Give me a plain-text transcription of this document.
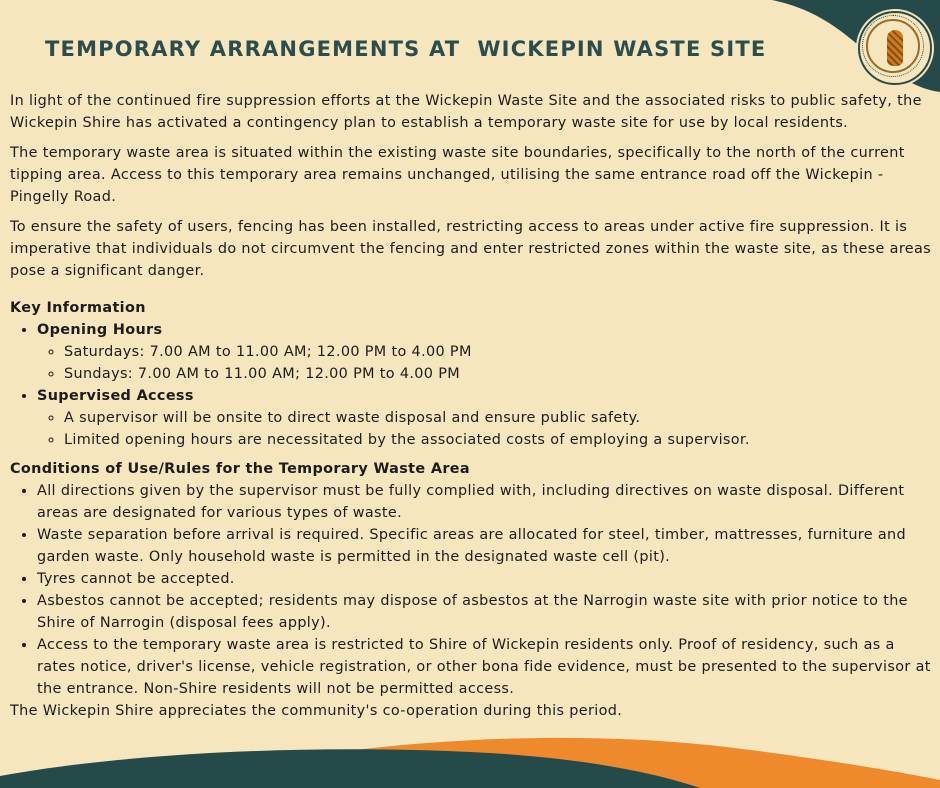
TEMPORARY ARRANGEMENTS AT  WICKEPIN WASTE SITE

In light of the continued fire suppression efforts at the Wickepin Waste Site and the associated risks to public safety, the Wickepin Shire has activated a contingency plan to establish a temporary waste site for use by local residents.

The temporary waste area is situated within the existing waste site boundaries, specifically to the north of the current tipping area. Access to this temporary area remains unchanged, utilising the same entrance road off the Wickepin - Pingelly Road.

To ensure the safety of users, fencing has been installed, restricting access to areas under active fire suppression. It is imperative that individuals do not circumvent the fencing and enter restricted zones within the waste site, as these areas pose a significant danger.

Key Information
• Opening Hours
◦ Saturdays: 7.00 AM to 11.00 AM; 12.00 PM to 4.00 PM
◦ Sundays: 7.00 AM to 11.00 AM; 12.00 PM to 4.00 PM
• Supervised Access
◦ A supervisor will be onsite to direct waste disposal and ensure public safety.
◦ Limited opening hours are necessitated by the associated costs of employing a supervisor.
Conditions of Use/Rules for the Temporary Waste Area
• All directions given by the supervisor must be fully complied with, including directives on waste disposal. Different areas are designated for various types of waste.
• Waste separation before arrival is required. Specific areas are allocated for steel, timber, mattresses, furniture and garden waste. Only household waste is permitted in the designated waste cell (pit).
• Tyres cannot be accepted.
• Asbestos cannot be accepted; residents may dispose of asbestos at the Narrogin waste site with prior notice to the Shire of Narrogin (disposal fees apply).
• Access to the temporary waste area is restricted to Shire of Wickepin residents only. Proof of residency, such as a rates notice, driver's license, vehicle registration, or other bona fide evidence, must be presented to the supervisor at the entrance. Non-Shire residents will not be permitted access.

The Wickepin Shire appreciates the community's co-operation during this period.
